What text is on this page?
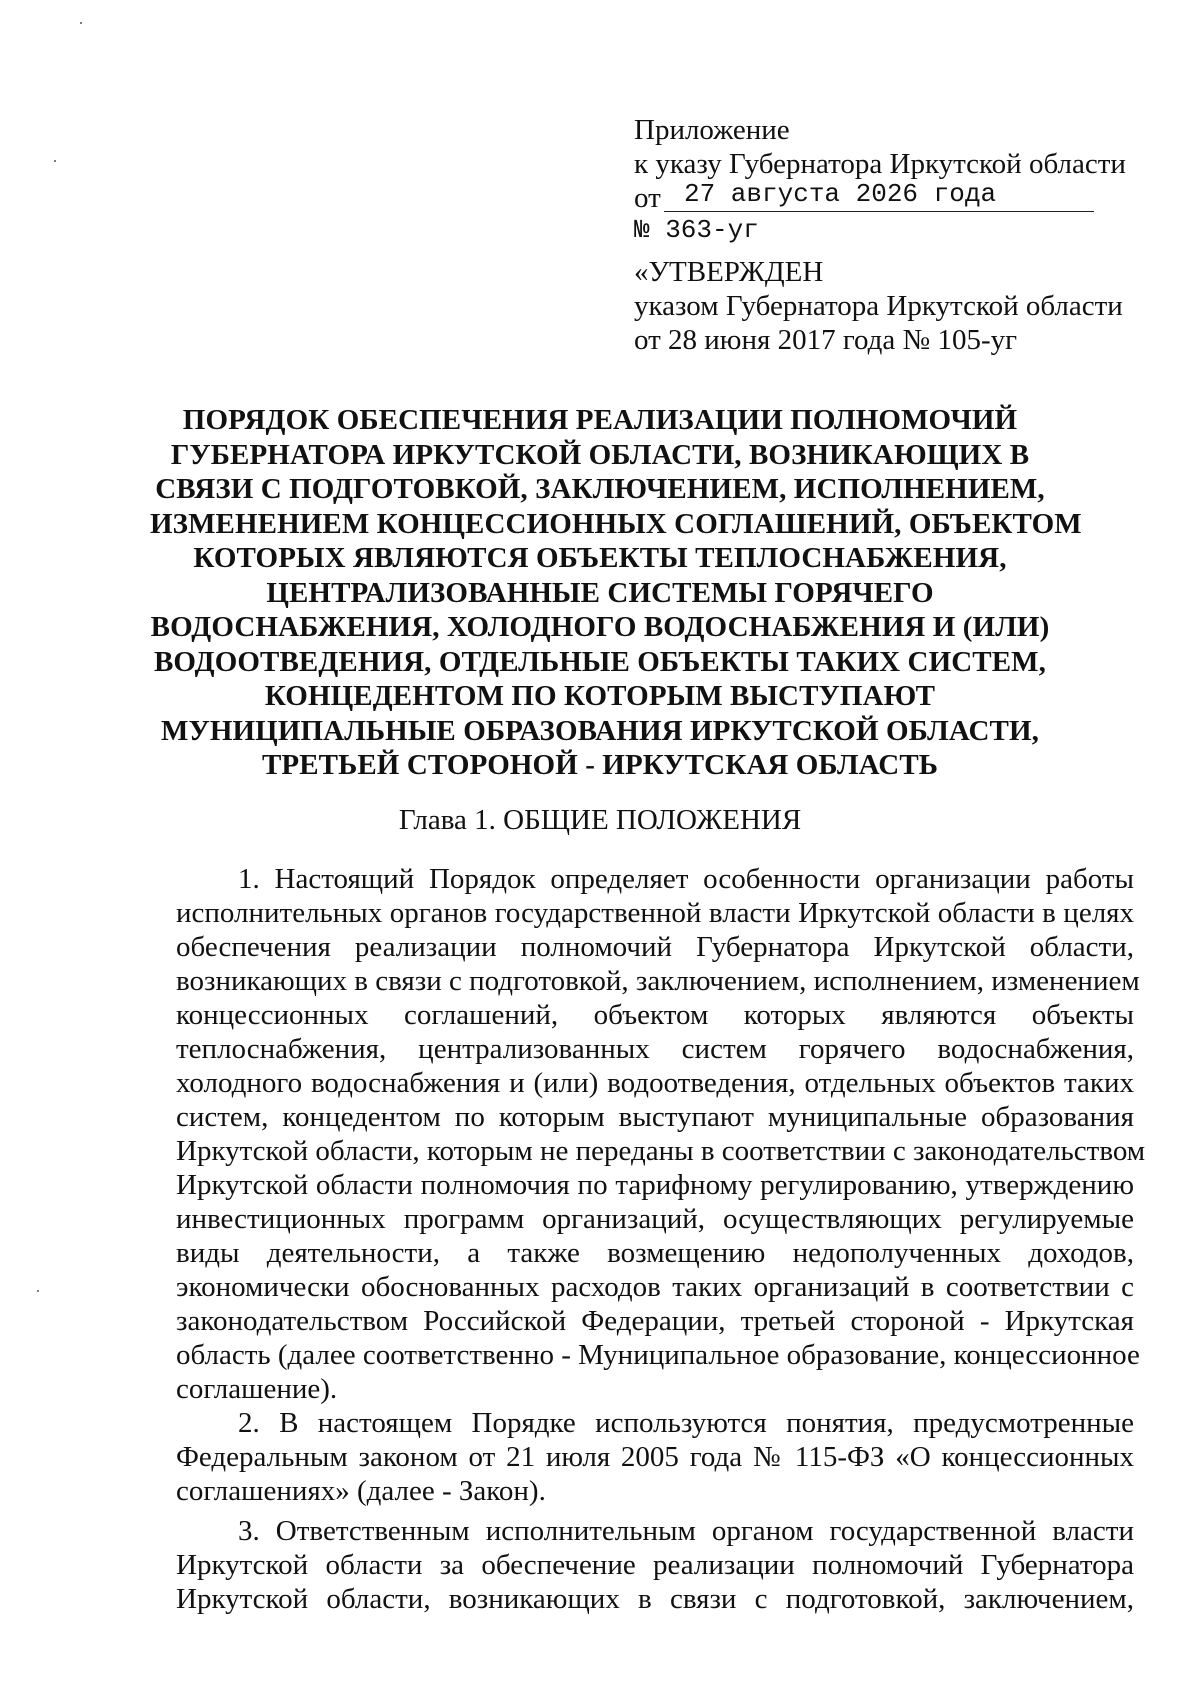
Приложение
к указу Губернатора Иркутской области
от 27 августа 2026 года
№ 363-уг
«УТВЕРЖДЕН
указом Губернатора Иркутской области
от 28 июня 2017 года № 105-уг
ПОРЯДОК ОБЕСПЕЧЕНИЯ РЕАЛИЗАЦИИ ПОЛНОМОЧИЙ
ГУБЕРНАТОРА ИРКУТСКОЙ ОБЛАСТИ, ВОЗНИКАЮЩИХ В
СВЯЗИ С ПОДГОТОВКОЙ, ЗАКЛЮЧЕНИЕМ, ИСПОЛНЕНИЕМ,
ИЗМЕНЕНИЕМ КОНЦЕССИОННЫХ СОГЛАШЕНИЙ, ОБЪЕКТОМ
КОТОРЫХ ЯВЛЯЮТСЯ ОБЪЕКТЫ ТЕПЛОСНАБЖЕНИЯ,
ЦЕНТРАЛИЗОВАННЫЕ СИСТЕМЫ ГОРЯЧЕГО
ВОДОСНАБЖЕНИЯ, ХОЛОДНОГО ВОДОСНАБЖЕНИЯ И (ИЛИ)
ВОДООТВЕДЕНИЯ, ОТДЕЛЬНЫЕ ОБЪЕКТЫ ТАКИХ СИСТЕМ,
КОНЦЕДЕНТОМ ПО КОТОРЫМ ВЫСТУПАЮТ
МУНИЦИПАЛЬНЫЕ ОБРАЗОВАНИЯ ИРКУТСКОЙ ОБЛАСТИ,
ТРЕТЬЕЙ СТОРОНОЙ - ИРКУТСКАЯ ОБЛАСТЬ
Глава 1. ОБЩИЕ ПОЛОЖЕНИЯ
1. Настоящий Порядок определяет особенности организации работы
исполнительных органов государственной власти Иркутской области в целях
обеспечения реализации полномочий Губернатора Иркутской области,
возникающих в связи с подготовкой, заключением, исполнением, изменением
концессионных соглашений, объектом которых являются объекты
теплоснабжения, централизованных систем горячего водоснабжения,
холодного водоснабжения и (или) водоотведения, отдельных объектов таких
систем, концедентом по которым выступают муниципальные образования
Иркутской области, которым не переданы в соответствии с законодательством
Иркутской области полномочия по тарифному регулированию, утверждению
инвестиционных программ организаций, осуществляющих регулируемые
виды деятельности, а также возмещению недополученных доходов,
экономически обоснованных расходов таких организаций в соответствии с
законодательством Российской Федерации, третьей стороной - Иркутская
область (далее соответственно - Муниципальное образование, концессионное
соглашение).
2. В настоящем Порядке используются понятия, предусмотренные
Федеральным законом от 21 июля 2005 года № 115-ФЗ «О концессионных
соглашениях» (далее - Закон).
3. Ответственным исполнительным органом государственной власти
Иркутской области за обеспечение реализации полномочий Губернатора
Иркутской области, возникающих в связи с подготовкой, заключением,
